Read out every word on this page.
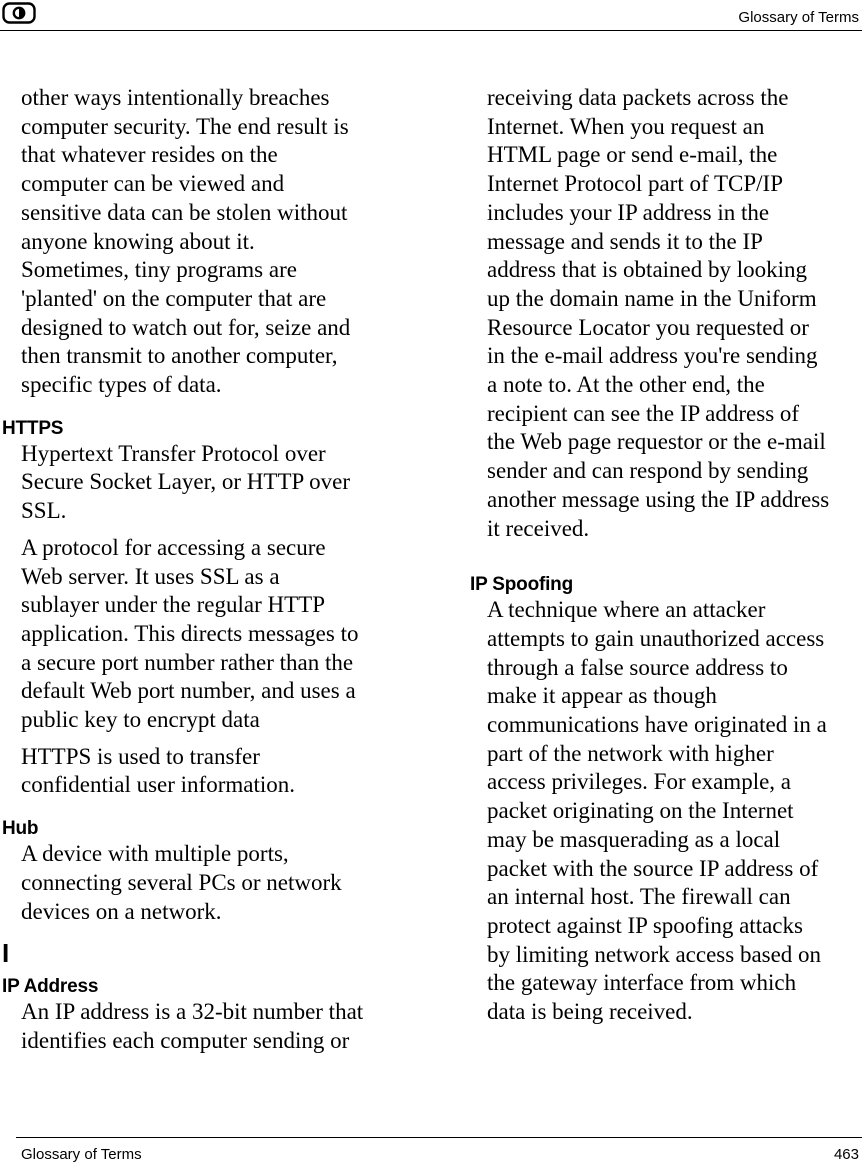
Glossary of Terms

other ways intentionally breaches
computer security. The end result is
that whatever resides on the
computer can be viewed and
sensitive data can be stolen without
anyone knowing about it.
Sometimes, tiny programs are
'planted' on the computer that are
designed to watch out for, seize and
then transmit to another computer,
specific types of data.

HTTPS

Hypertext Transfer Protocol over
Secure Socket Layer, or HTTP over
SSL.

A protocol for accessing a secure
Web server. It uses SSL as a
sublayer under the regular HTTP
application. This directs messages to
a secure port number rather than the
default Web port number, and uses a
public key to encrypt data

HTTPS is used to transfer
confidential user information.

Hub

A device with multiple ports,
connecting several PCs or network
devices on a network.

I
IP Address

An IP address is a 32-bit number that
identifies each computer sending or

receiving data packets across the
Internet. When you request an
HTML page or send e-mail, the
Internet Protocol part of TCP/IP
includes your IP address in the
message and sends it to the IP
address that is obtained by looking
up the domain name in the Uniform
Resource Locator you requested or
in the e-mail address you're sending
a note to. At the other end, the
recipient can see the IP address of
the Web page requestor or the e-mail
sender and can respond by sending
another message using the IP address
it received.

IP Spoofing

A technique where an attacker
attempts to gain unauthorized access
through a false source address to
make it appear as though
communications have originated in a
part of the network with higher
access privileges. For example, a
packet originating on the Internet
may be masquerading as a local
packet with the source IP address of
an internal host. The firewall can
protect against IP spoofing attacks
by limiting network access based on
the gateway interface from which
data is being received.

Glossary of Terms	463
